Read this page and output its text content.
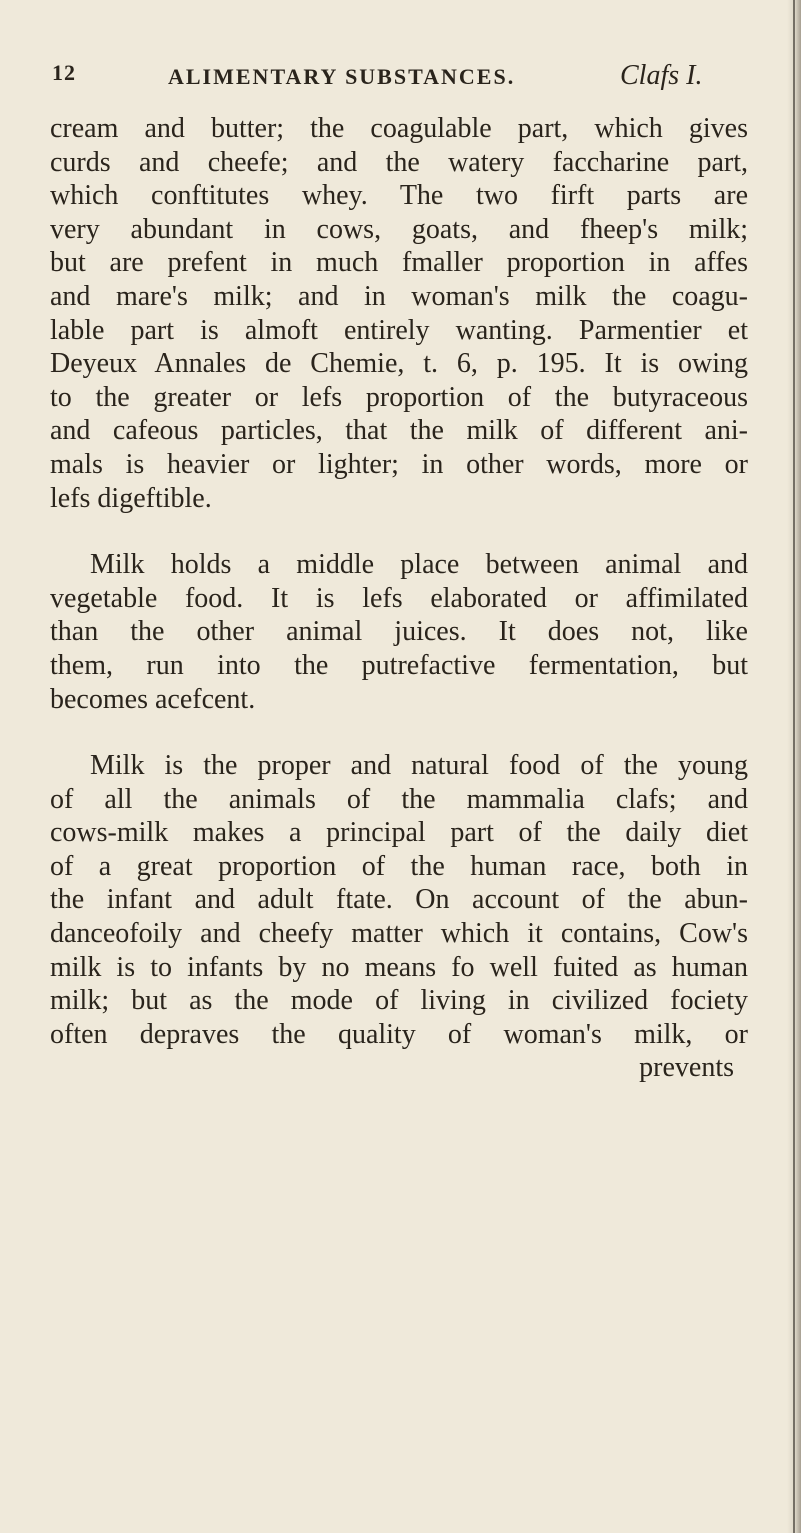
12	ALIMENTARY SUBSTANCES.	Clafs I.

cream and butter; the coagulable part, which gives

curds and cheefe; and the watery faccharine part,

which conftitutes whey. The two firft parts are

very abundant in cows, goats, and fheep's milk;

but are prefent in much fmaller proportion in affes

and mare's milk; and in woman's milk the coagu-

lable part is almoft entirely wanting. Parmentier et

Deyeux Annales de Chemie, t. 6, p. 195. It is owing

to the greater or lefs proportion of the butyraceous

and cafeous particles, that the milk of different ani-

mals is heavier or lighter; in other words, more or

lefs digeftible.

Milk holds a middle place between animal and

vegetable food. It is lefs elaborated or affimilated

than the other animal juices. It does not, like

them, run into the putrefactive fermentation, but

becomes acefcent.

Milk is the proper and natural food of the young

of all the animals of the mammalia clafs; and

cows-milk makes a principal part of the daily diet

of a great proportion of the human race, both in

the infant and adult ftate. On account of the abun-

danceofoily and cheefy matter which it contains, Cow's

milk is to infants by no means fo well fuited as human

milk; but as the mode of living in civilized fociety

often depraves the quality of woman's milk, or

prevents
